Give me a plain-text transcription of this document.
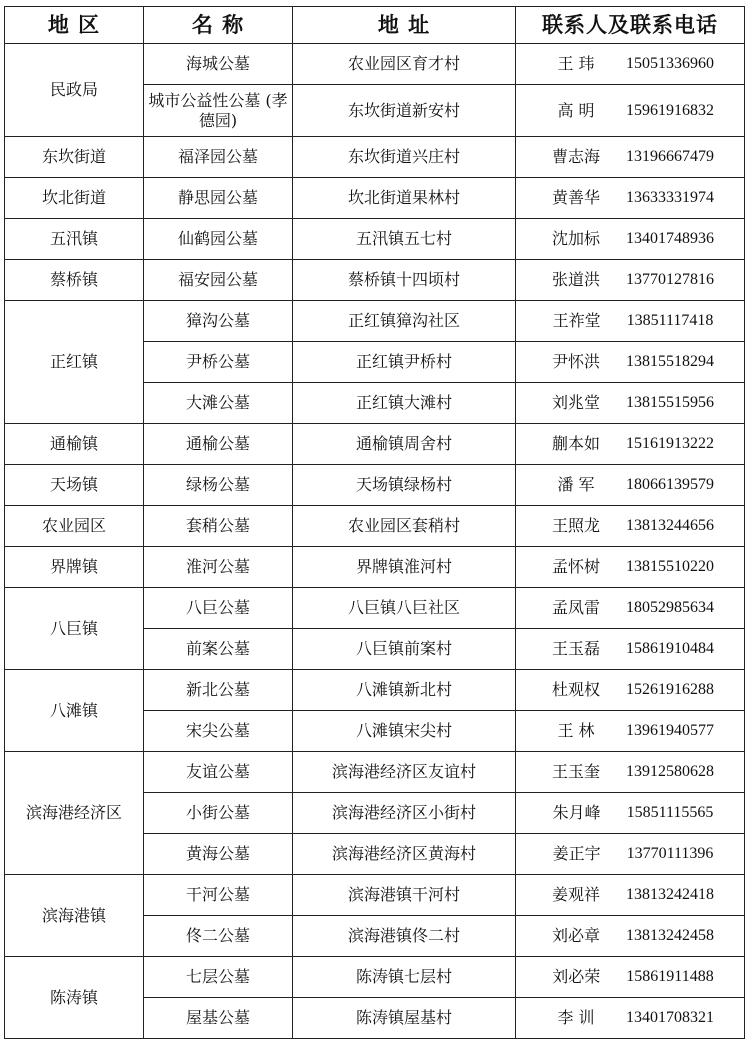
地 区	名 称	地 址	联系人及联系电话
民政局	海城公墓	农业园区育才村	王 玮 15051336960

	城市公益性公墓 (孝德园)	东坎街道新安村	高 明 15961916832

东坎街道	福泽园公墓	东坎街道兴庄村	曹志海 13196667479

坎北街道	静思园公墓	坎北街道果林村	黄善华 13633331974

五汛镇	仙鹤园公墓	五汛镇五七村	沈加标 13401748936

蔡桥镇	福安园公墓	蔡桥镇十四顷村	张道洪 13770127816

正红镇	獐沟公墓	正红镇獐沟社区	王祚堂 13851117418

	尹桥公墓	正红镇尹桥村	尹怀洪 13815518294

	大滩公墓	正红镇大滩村	刘兆堂 13815515956

通榆镇	通榆公墓	通榆镇周舍村	蒯本如 15161913222

天场镇	绿杨公墓	天场镇绿杨村	潘 军 18066139579

农业园区	套稍公墓	农业园区套稍村	王照龙 13813244656

界牌镇	淮河公墓	界牌镇淮河村	孟怀树 13815510220

八巨镇	八巨公墓	八巨镇八巨社区	孟凤雷 18052985634

	前案公墓	八巨镇前案村	王玉磊 15861910484

八滩镇	新北公墓	八滩镇新北村	杜观权 15261916288

	宋尖公墓	八滩镇宋尖村	王 林 13961940577

滨海港经济区	友谊公墓	滨海港经济区友谊村	王玉奎 13912580628

	小街公墓	滨海港经济区小街村	朱月峰 15851115565

	黄海公墓	滨海港经济区黄海村	姜正宇 13770111396

滨海港镇	干河公墓	滨海港镇干河村	姜观祥 13813242418

	佟二公墓	滨海港镇佟二村	刘必章 13813242458

陈涛镇	七层公墓	陈涛镇七层村	刘必荣 15861911488

	屋基公墓	陈涛镇屋基村	李 训 13401708321
